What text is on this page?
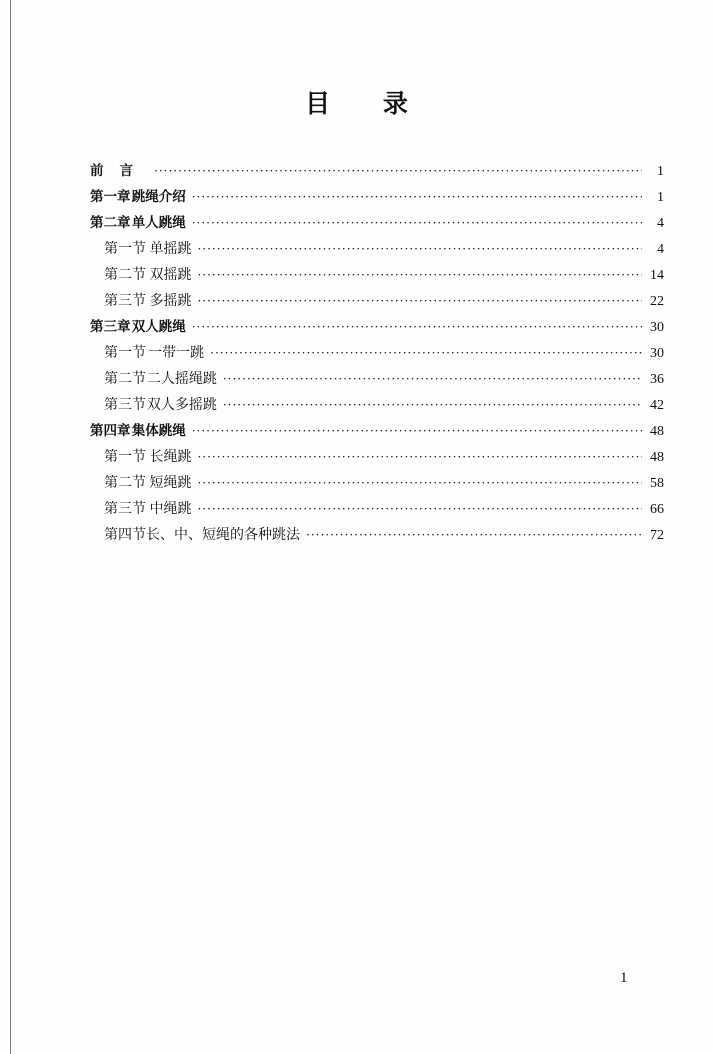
目 录
前言 ·····	1
第一章 跳绳介绍 ·····	1
第二章 单人跳绳 ·····	4
第一节 单摇跳 ·····	4
第二节 双摇跳 ·····	14
第三节 多摇跳 ·····	22
第三章 双人跳绳 ·····	30
第一节 一带一跳 ·····	30
第二节 二人摇绳跳 ·····	36
第三节 双人多摇跳 ·····	42
第四章 集体跳绳 ·····	48
第一节 长绳跳 ·····	48
第二节 短绳跳 ·····	58
第三节 中绳跳 ·····	66
第四节 长、中、短绳的各种跳法 ·····	72
1
